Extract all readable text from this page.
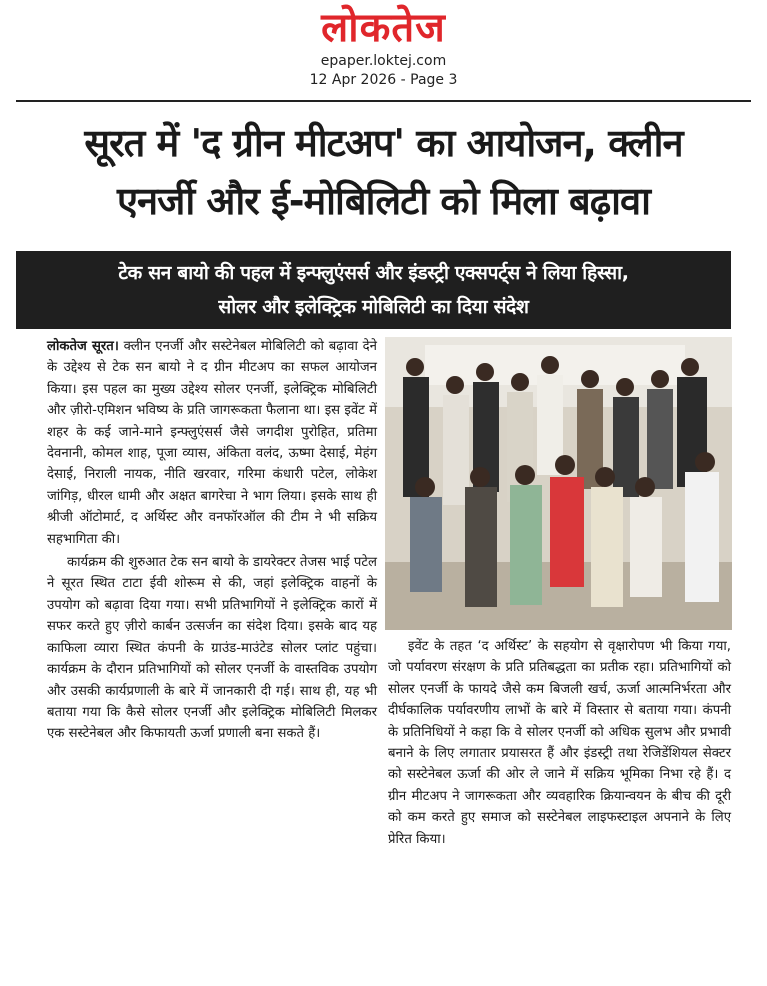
लोकतेज
epaper.loktej.com
12 Apr 2026 - Page 3
सूरत में 'द ग्रीन मीटअप' का आयोजन, क्लीन
एनर्जी और ई-मोबिलिटी को मिला बढ़ावा
टेक सन बायो की पहल में इन्फ्लुएंसर्स और इंडस्ट्री एक्सपर्ट्स ने लिया हिस्सा,
सोलर और इलेक्ट्रिक मोबिलिटी का दिया संदेश

लोकतेज सूरत। क्लीन एनर्जी और सस्टेनेबल मोबिलिटी को बढ़ावा देने के उद्देश्य से टेक सन बायो ने द ग्रीन मीटअप का सफल आयोजन किया। इस पहल का मुख्य उद्देश्य सोलर एनर्जी, इलेक्ट्रिक मोबिलिटी और ज़ीरो-एमिशन भविष्य के प्रति जागरूकता फैलाना था। इस इवेंट में शहर के कई जाने-माने इन्फ्लुएंसर्स जैसे जगदीश पुरोहित, प्रतिमा देवनानी, कोमल शाह, पूजा व्यास, अंकिता वलंद, ऊष्मा देसाई, मेहंग देसाई, निराली नायक, नीति खरवार, गरिमा कंधारी पटेल, लोकेश जांगिड़, धीरल धामी और अक्षत बागरेचा ने भाग लिया। इसके साथ ही श्रीजी ऑटोमार्ट, द अर्थिस्ट और वनफॉरऑल की टीम ने भी सक्रिय सहभागिता की।

कार्यक्रम की शुरुआत टेक सन बायो के डायरेक्टर तेजस भाई पटेल ने सूरत स्थित टाटा ईवी शोरूम से की, जहां इलेक्ट्रिक वाहनों के उपयोग को बढ़ावा दिया गया। सभी प्रतिभागियों ने इलेक्ट्रिक कारों में सफर करते हुए ज़ीरो कार्बन उत्सर्जन का संदेश दिया। इसके बाद यह काफिला व्यारा स्थित कंपनी के ग्राउंड-माउंटेड सोलर प्लांट पहुंचा। कार्यक्रम के दौरान प्रतिभागियों को सोलर एनर्जी के वास्तविक उपयोग और उसकी कार्यप्रणाली के बारे में जानकारी दी गई। साथ ही, यह भी बताया गया कि कैसे सोलर एनर्जी और इलेक्ट्रिक मोबिलिटी मिलकर एक सस्टेनेबल और किफायती ऊर्जा प्रणाली बना सकते हैं।

इवेंट के तहत ‘द अर्थिस्ट’ के सहयोग से वृक्षारोपण भी किया गया, जो पर्यावरण संरक्षण के प्रति प्रतिबद्धता का प्रतीक रहा। प्रतिभागियों को सोलर एनर्जी के फायदे जैसे कम बिजली खर्च, ऊर्जा आत्मनिर्भरता और दीर्घकालिक पर्यावरणीय लाभों के बारे में विस्तार से बताया गया। कंपनी के प्रतिनिधियों ने कहा कि वे सोलर एनर्जी को अधिक सुलभ और प्रभावी बनाने के लिए लगातार प्रयासरत हैं और इंडस्ट्री तथा रेजिडेंशियल सेक्टर को सस्टेनेबल ऊर्जा की ओर ले जाने में सक्रिय भूमिका निभा रहे हैं। द ग्रीन मीटअप ने जागरूकता और व्यवहारिक क्रियान्वयन के बीच की दूरी को कम करते हुए समाज को सस्टेनेबल लाइफस्टाइल अपनाने के लिए प्रेरित किया।
